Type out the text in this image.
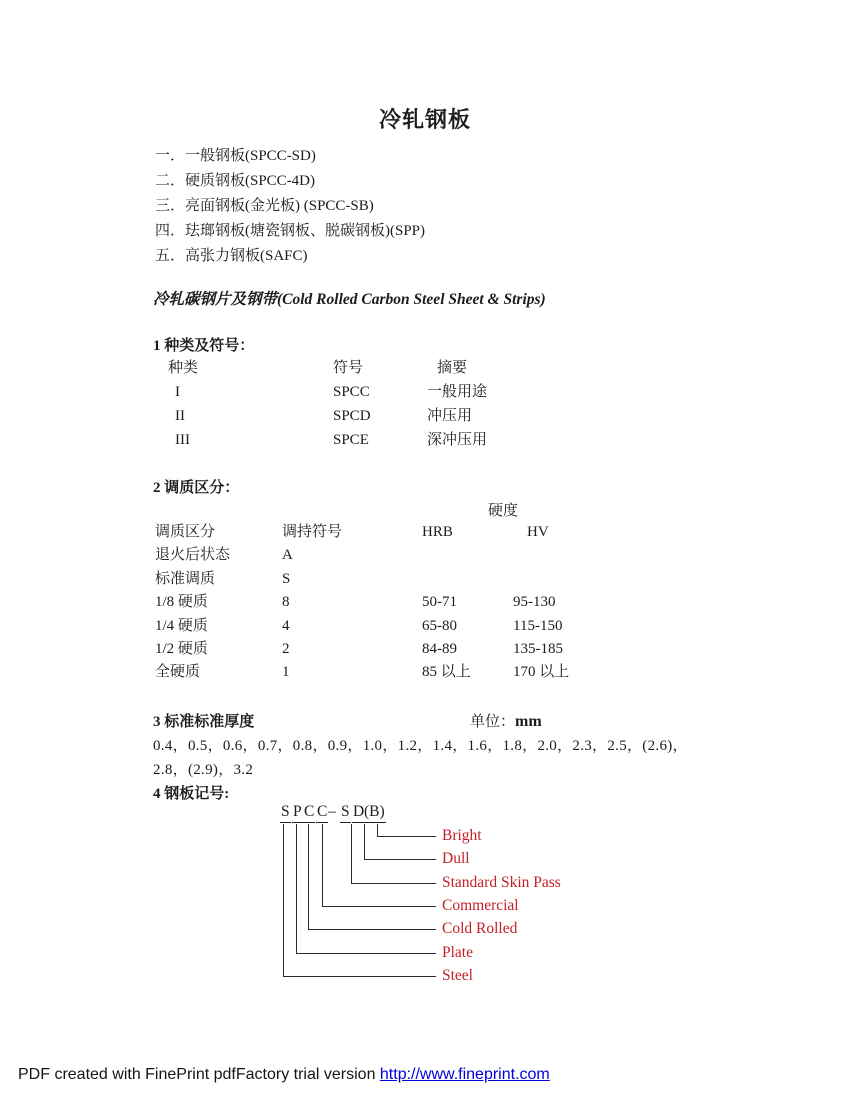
冷轧钢板
一．一般钢板(SPCC-SD)
二．硬质钢板(SPCC-4D)
三．亮面钢板(金光板) (SPCC-SB)
四．珐瑯钢板(塘瓷钢板、脱碳钢板)(SPP)
五．高张力钢板(SAFC)
冷轧碳钢片及钢带(Cold Rolled Carbon Steel Sheet & Strips)
1 种类及符号：
种类	符号	摘要
I	SPCC	一般用途
II	SPCD	冲压用
III	SPCE	深冲压用
2 调质区分：
硬度
调质区分	调持符号	HRB	HV
退火后状态	A
标准调质	S
1/8 硬质	8	50-71	95-130
1/4 硬质	4	65-80	115-150
1/2 硬质	2	84-89	135-185
全硬质	1	85 以上	170 以上
3 标准标准厚度	单位：mm
0.4，0.5，0.6，0.7，0.8，0.9，1.0，1.2，1.4，1.6，1.8，2.0，2.3，2.5，(2.6)，
2.8，(2.9)，3.2
4 钢板记号:
S P C C – S D (B)
Bright
Dull
Standard Skin Pass
Commercial
Cold Rolled
Plate
Steel
PDF created with FinePrint pdfFactory trial version http://www.fineprint.com
